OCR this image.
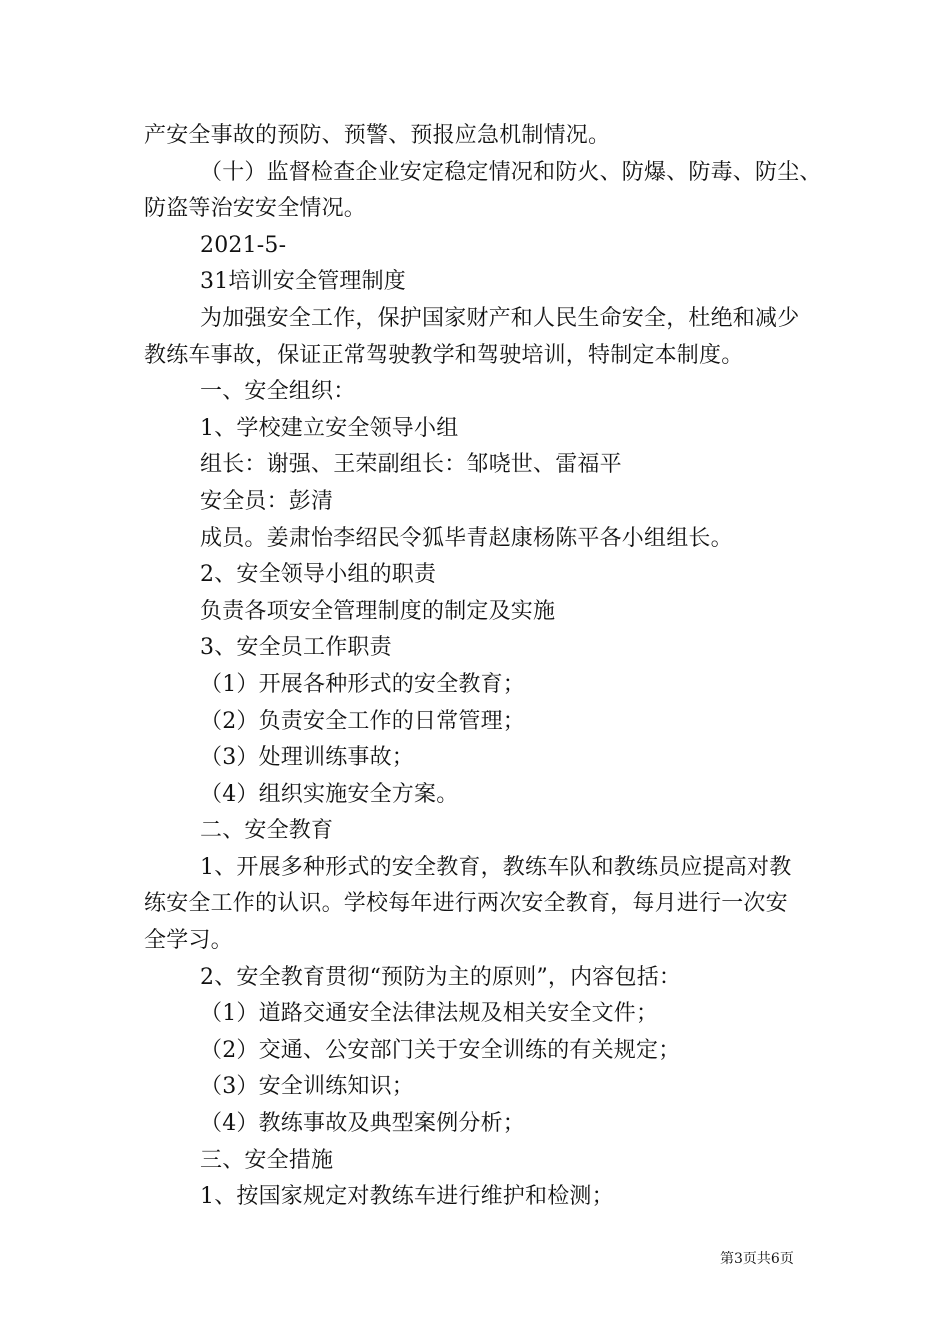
产安全事故的预防、预警、预报应急机制情况。
（十）监督检查企业安定稳定情况和防火、防爆、防毒、防尘、
防盗等治安安全情况。
2021-5-
31培训安全管理制度
为加强安全工作，保护国家财产和人民生命安全，杜绝和减少
教练车事故，保证正常驾驶教学和驾驶培训，特制定本制度。
一、安全组织：
1、学校建立安全领导小组
组长：谢强、王荣副组长：邹哓世、雷福平
安全员：彭清
成员。姜肃怡李绍民令狐毕青赵康杨陈平各小组组长。
2、安全领导小组的职责
负责各项安全管理制度的制定及实施
3、安全员工作职责
（1）开展各种形式的安全教育；
（2）负责安全工作的日常管理；
（3）处理训练事故；
（4）组织实施安全方案。
二、安全教育
1、开展多种形式的安全教育，教练车队和教练员应提高对教
练安全工作的认识。学校每年进行两次安全教育，每月进行一次安
全学习。
2、安全教育贯彻“预防为主的原则”，内容包括：
（1）道路交通安全法律法规及相关安全文件；
（2）交通、公安部门关于安全训练的有关规定；
（3）安全训练知识；
（4）教练事故及典型案例分析；
三、安全措施
1、按国家规定对教练车进行维护和检测；
第3页共6页
